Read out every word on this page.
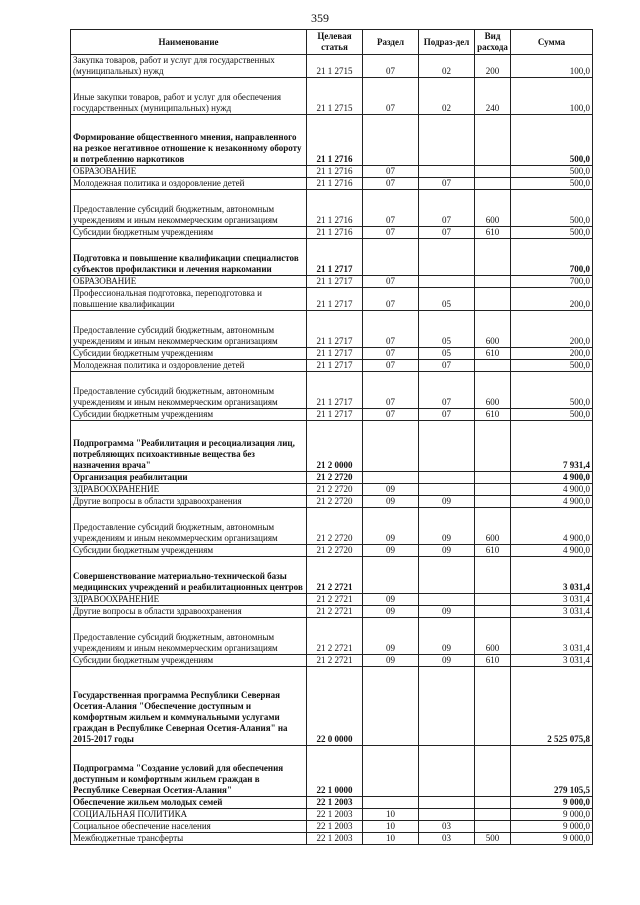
359
Наименование	Целевая статья	Раздел	Подраз-дел	Вид расхода	Сумма
Закупка товаров, работ и услуг для государственных (муниципальных) нужд	21 1 2715	07	02	200	100,0
Иные закупки товаров, работ и услуг для обеспечения государственных (муниципальных) нужд	21 1 2715	07	02	240	100,0
Формирование общественного мнения, направленного на резкое негативное отношение к незаконному обороту и потреблению наркотиков	21 1 2716				500,0
ОБРАЗОВАНИЕ	21 1 2716	07			500,0
Молодежная политика и оздоровление детей	21 1 2716	07	07		500,0
Предоставление субсидий бюджетным, автономным учреждениям и иным некоммерческим организациям	21 1 2716	07	07	600	500,0
Субсидии бюджетным учреждениям	21 1 2716	07	07	610	500,0
Подготовка и повышение квалификации специалистов субъектов профилактики и лечения наркомании	21 1 2717				700,0
ОБРАЗОВАНИЕ	21 1 2717	07			700,0
Профессиональная подготовка, переподготовка и повышение квалификации	21 1 2717	07	05		200,0
Предоставление субсидий бюджетным, автономным учреждениям и иным некоммерческим организациям	21 1 2717	07	05	600	200,0
Субсидии бюджетным учреждениям	21 1 2717	07	05	610	200,0
Молодежная политика и оздоровление детей	21 1 2717	07	07		500,0
Предоставление субсидий бюджетным, автономным учреждениям и иным некоммерческим организациям	21 1 2717	07	07	600	500,0
Субсидии бюджетным учреждениям	21 1 2717	07	07	610	500,0
Подпрограмма "Реабилитация и ресоциализация лиц, потребляющих психоактивные вещества без назначения врача"	21 2 0000				7 931,4
Организация реабилитации	21 2 2720				4 900,0
ЗДРАВООХРАНЕНИЕ	21 2 2720	09			4 900,0
Другие вопросы в области здравоохранения	21 2 2720	09	09		4 900,0
Предоставление субсидий бюджетным, автономным учреждениям и иным некоммерческим организациям	21 2 2720	09	09	600	4 900,0
Субсидии бюджетным учреждениям	21 2 2720	09	09	610	4 900,0
Совершенствование материально-технической базы медицинских учреждений и реабилитационных центров	21 2 2721				3 031,4
ЗДРАВООХРАНЕНИЕ	21 2 2721	09			3 031,4
Другие вопросы в области здравоохранения	21 2 2721	09	09		3 031,4
Предоставление субсидий бюджетным, автономным учреждениям и иным некоммерческим организациям	21 2 2721	09	09	600	3 031,4
Субсидии бюджетным учреждениям	21 2 2721	09	09	610	3 031,4
Государственная программа Республики Северная Осетия-Алания "Обеспечение доступным и комфортным жильем и коммунальными услугами граждан в Республике Северная Осетия-Алания" на 2015-2017 годы	22 0 0000				2 525 075,8
Подпрограмма "Создание условий для обеспечения доступным и комфортным жильем граждан в Республике Северная Осетия-Алания"	22 1 0000				279 105,5
Обеспечение жильем молодых семей	22 1 2003				9 000,0
СОЦИАЛЬНАЯ ПОЛИТИКА	22 1 2003	10			9 000,0
Социальное обеспечение населения	22 1 2003	10	03		9 000,0
Межбюджетные трансферты	22 1 2003	10	03	500	9 000,0
